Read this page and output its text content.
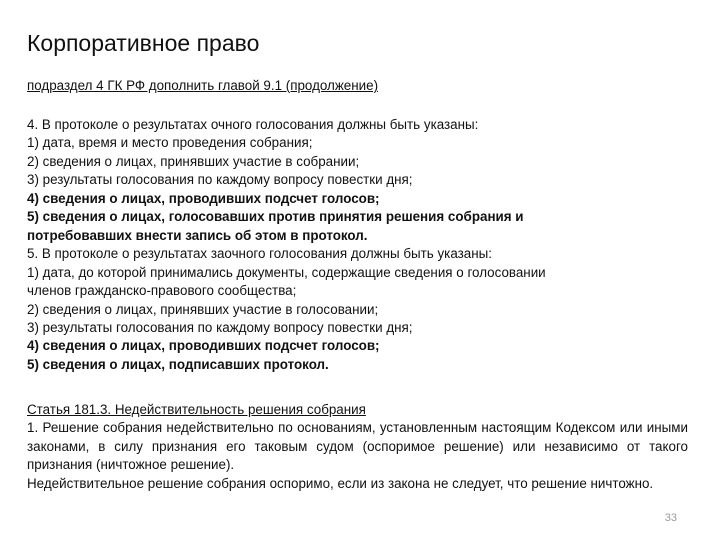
Корпоративное право
подраздел 4 ГК РФ дополнить главой 9.1 (продолжение)

4. В протоколе о результатах очного голосования должны быть указаны:

1) дата, время и место проведения собрания;

2) сведения о лицах, принявших участие в собрании;

3) результаты голосования по каждому вопросу повестки дня;

4) сведения о лицах, проводивших подсчет голосов;

5) сведения о лицах, голосовавших против принятия решения собрания и

потребовавших внести запись об этом в протокол.

5. В протоколе о результатах заочного голосования должны быть указаны:

1) дата, до которой принимались документы, содержащие сведения о голосовании

членов гражданско-правового сообщества;

2) сведения о лицах, принявших участие в голосовании;

3) результаты голосования по каждому вопросу повестки дня;

4) сведения о лицах, проводивших подсчет голосов;

5) сведения о лицах, подписавших протокол.

Статья 181.3. Недействительность решения собрания

1. Решение собрания недействительно по основаниям, установленным настоящим Кодексом или иными законами, в силу признания его таковым судом (оспоримое решение) или независимо от такого признания (ничтожное решение).

Недействительное решение собрания оспоримо, если из закона не следует, что решение ничтожно.

33
